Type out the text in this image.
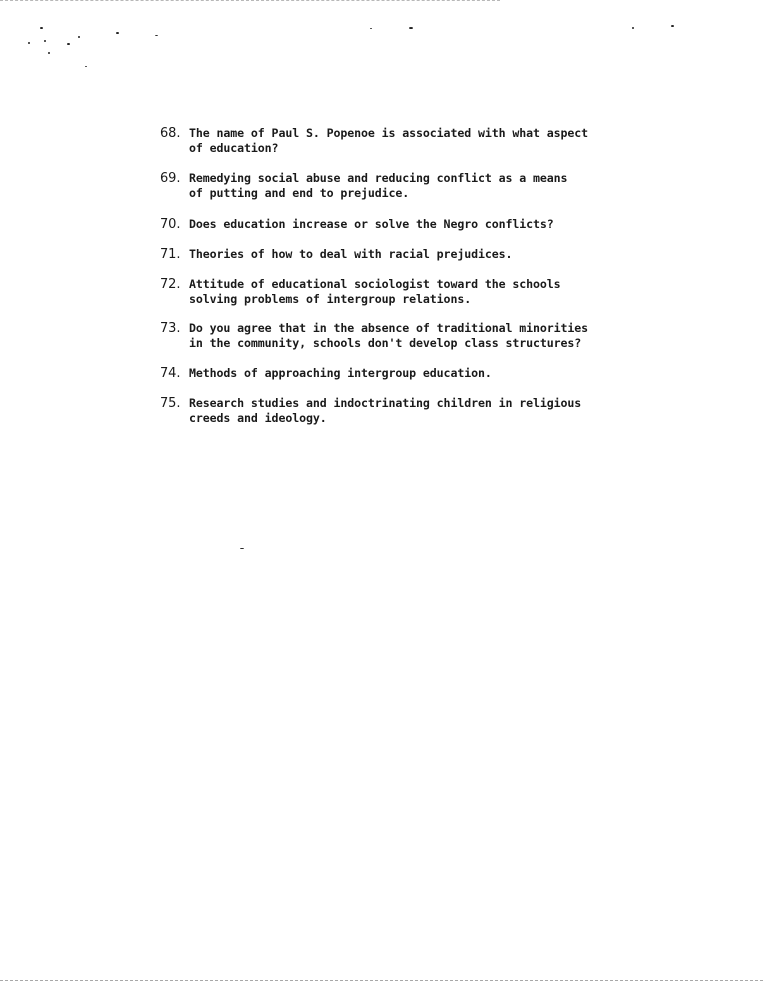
68. The name of Paul S. Popenoe is associated with what aspect
of education?
69. Remedying social abuse and reducing conflict as a means
of putting and end to prejudice.
70. Does education increase or solve the Negro conflicts?
71. Theories of how to deal with racial prejudices.
72. Attitude of educational sociologist toward the schools
solving problems of intergroup relations.
73. Do you agree that in the absence of traditional minorities
in the community, schools don't develop class structures?
74. Methods of approaching intergroup education.
75. Research studies and indoctrinating children in religious
creeds and ideology.
